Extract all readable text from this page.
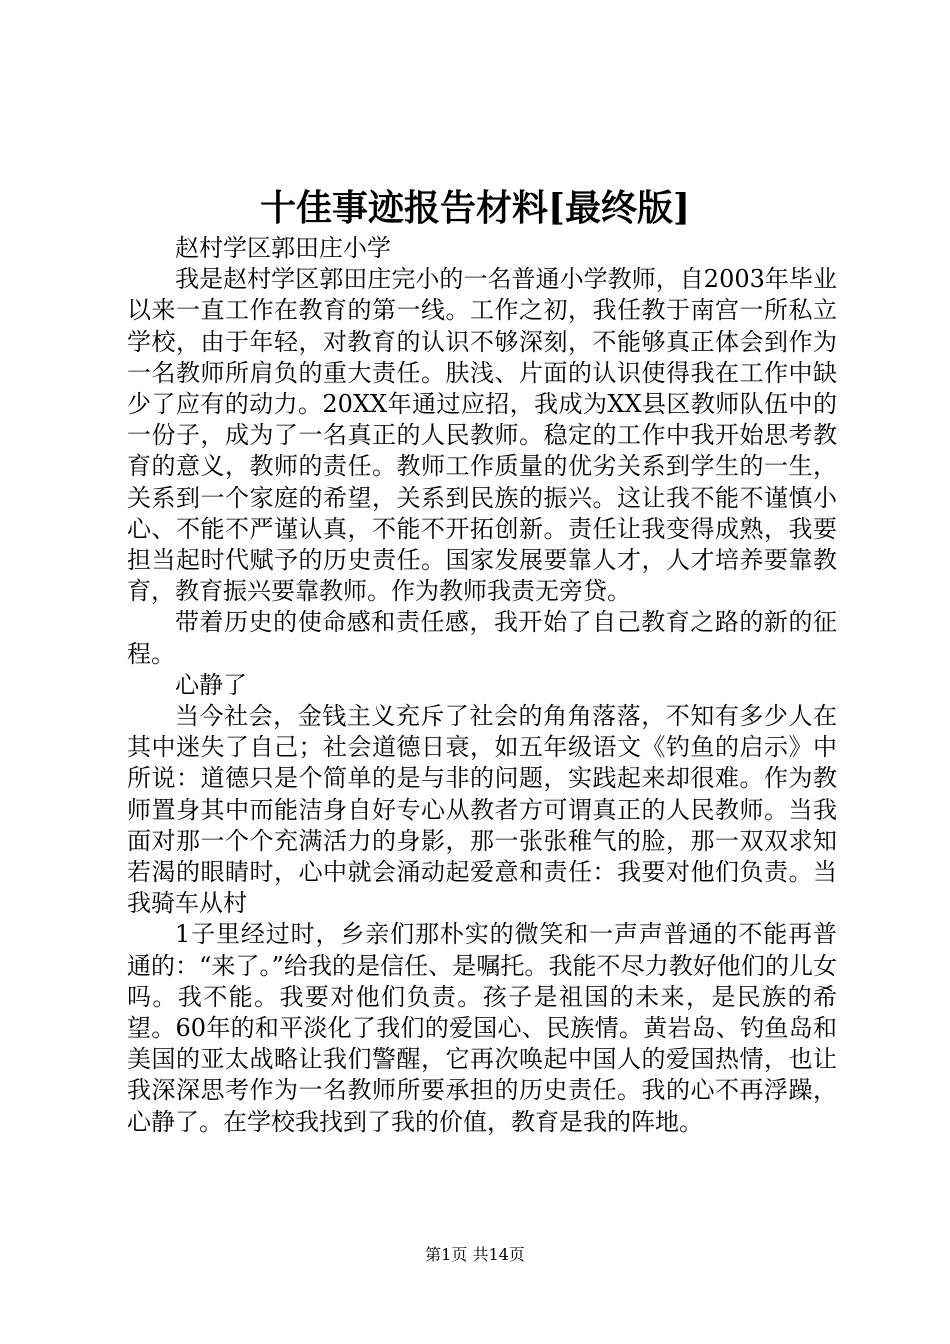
十佳事迹报告材料[最终版]

赵村学区郭田庄小学

我是赵村学区郭田庄完小的一名普通小学教师，自2003年毕业以来一直工作在教育的第一线。工作之初，我任教于南宫一所私立学校，由于年轻，对教育的认识不够深刻，不能够真正体会到作为一名教师所肩负的重大责任。肤浅、片面的认识使得我在工作中缺少了应有的动力。20XX年通过应招，我成为XX县区教师队伍中的一份子，成为了一名真正的人民教师。稳定的工作中我开始思考教育的意义，教师的责任。教师工作质量的优劣关系到学生的一生，关系到一个家庭的希望，关系到民族的振兴。这让我不能不谨慎小心、不能不严谨认真，不能不开拓创新。责任让我变得成熟，我要担当起时代赋予的历史责任。国家发展要靠人才，人才培养要靠教育，教育振兴要靠教师。作为教师我责无旁贷。

带着历史的使命感和责任感，我开始了自己教育之路的新的征程。

心静了

当今社会，金钱主义充斥了社会的角角落落，不知有多少人在其中迷失了自己；社会道德日衰，如五年级语文《钓鱼的启示》中所说：道德只是个简单的是与非的问题，实践起来却很难。作为教师置身其中而能洁身自好专心从教者方可谓真正的人民教师。当我面对那一个个充满活力的身影，那一张张稚气的脸，那一双双求知若渴的眼睛时，心中就会涌动起爱意和责任：我要对他们负责。当我骑车从村

1子里经过时，乡亲们那朴实的微笑和一声声普通的不能再普通的：“来了。”给我的是信任、是嘱托。我能不尽力教好他们的儿女吗。我不能。我要对他们负责。孩子是祖国的未来，是民族的希望。60年的和平淡化了我们的爱国心、民族情。黄岩岛、钓鱼岛和美国的亚太战略让我们警醒，它再次唤起中国人的爱国热情，也让我深深思考作为一名教师所要承担的历史责任。我的心不再浮躁，心静了。在学校我找到了我的价值，教育是我的阵地。

第1页 共14页
